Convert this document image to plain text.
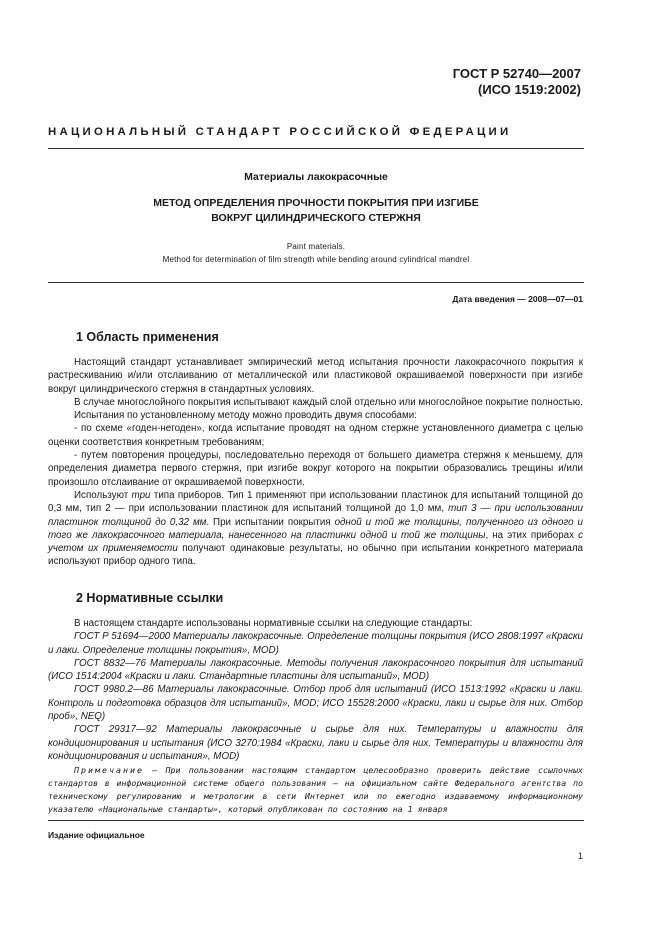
ГОСТ Р 52740—2007
(ИСО 1519:2002)
НАЦИОНАЛЬНЫЙ СТАНДАРТ РОССИЙСКОЙ ФЕДЕРАЦИИ
Материалы лакокрасочные
МЕТОД ОПРЕДЕЛЕНИЯ ПРОЧНОСТИ ПОКРЫТИЯ ПРИ ИЗГИБЕ
ВОКРУГ ЦИЛИНДРИЧЕСКОГО СТЕРЖНЯ
Paint materials.
Method for determination of film strength while bending around cylindrical mandrel
Дата введения — 2008—07—01
1 Область применения

Настоящий стандарт устанавливает эмпирический метод испытания прочности лакокрасочного покрытия к растрескиванию и/или отслаиванию от металлической или пластиковой окрашиваемой поверхности при изгибе вокруг цилиндрического стержня в стандартных условиях.

В случае многослойного покрытия испытывают каждый слой отдельно или многослойное покрытие полностью.

Испытания по установленному методу можно проводить двумя способами:

- по схеме «годен-негоден», когда испытание проводят на одном стержне установленного диаметра с целью оценки соответствия конкретным требованиям;

- путем повторения процедуры, последовательно переходя от большего диаметра стержня к меньшему, для определения диаметра первого стержня, при изгибе вокруг которого на покрытии образовались трещины и/или произошло отслаивание от окрашиваемой поверхности.

Используют три типа приборов. Тип 1 применяют при использовании пластинок для испытаний толщиной до 0,3 мм, тип 2 — при использовании пластинок для испытаний толщиной до 1,0 мм, тип 3 — при использовании пластинок толщиной до 0,32 мм. При испытании покрытия одной и той же толщины, полученного из одного и того же лакокрасочного материала, нанесенного на пластинки одной и той же толщины, на этих приборах с учетом их применяемости получают одинаковые результаты, но обычно при испытании конкретного материала используют прибор одного типа.

2 Нормативные ссылки

В настоящем стандарте использованы нормативные ссылки на следующие стандарты:

ГОСТ Р 51694—2000 Материалы лакокрасочные. Определение толщины покрытия (ИСО 2808:1997 «Краски и лаки. Определение толщины покрытия», MOD)

ГОСТ 8832—76 Материалы лакокрасочные. Методы получения лакокрасочного покрытия для испытаний (ИСО 1514:2004 «Краски и лаки. Стандартные пластины для испытаний», MOD)

ГОСТ 9980.2—86 Материалы лакокрасочные. Отбор проб для испытаний (ИСО 1513:1992 «Краски и лаки. Контроль и подготовка образцов для испытаний», MOD; ИСО 15528:2000 «Краски, лаки и сырье для них. Отбор проб», NEQ)

ГОСТ 29317—92 Материалы лакокрасочные и сырье для них. Температуры и влажности для кондиционирования и испытания (ИСО 3270:1984 «Краски, лаки и сырье для них. Температуры и влажности для кондиционирования и испытания», MOD)

Примечание — При пользовании настоящим стандартом целесообразно проверить действие ссылочных стандартов в информационной системе общего пользования — на официальном сайте Федерального агентства по техническому регулированию и метрологии в сети Интернет или по ежегодно издаваемому информационному указателю «Национальные стандарты», который опубликован по состоянию на 1 января

Издание официальное
1
